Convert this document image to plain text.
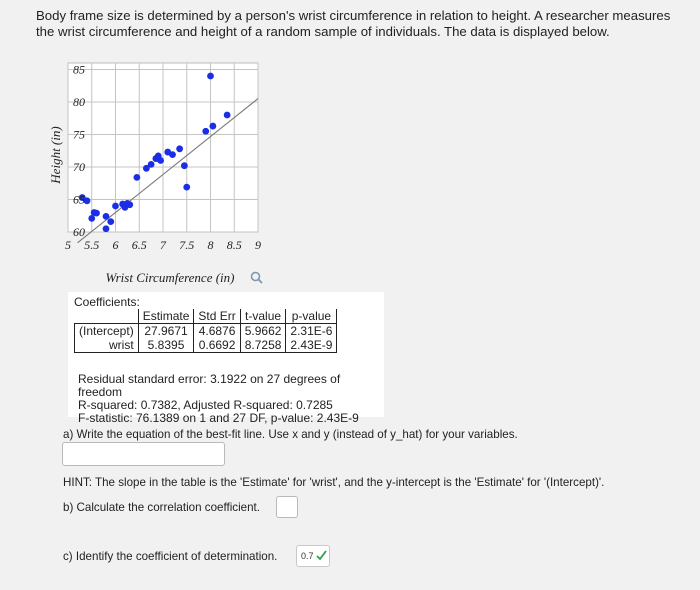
Body frame size is determined by a person's wrist circumference in relation to height. A researcher measures the wrist circumference and height of a random sample of individuals. The data is displayed below.
60
65
70
75
80
85
5 5.5 6 6.5 7 7.5 8 8.5 9
Height (in)
Wrist Circumference (in)
Coefficients:
	Estimate	Std Err	t-value	p-value
(Intercept)	27.9671	4.6876	5.9662	2.31E-6
wrist	5.8395	0.6692	8.7258	2.43E-9
Residual standard error: 3.1922 on 27 degrees of freedom
R-squared: 0.7382, Adjusted R-squared: 0.7285
F-statistic: 76.1389 on 1 and 27 DF, p-value: 2.43E-9
a) Write the equation of the best-fit line. Use x and y (instead of y_hat) for your variables.
HINT: The slope in the table is the 'Estimate' for 'wrist', and the y-intercept is the 'Estimate' for '(Intercept)'.
b) Calculate the correlation coefficient.
c) Identify the coefficient of determination.	0.7
